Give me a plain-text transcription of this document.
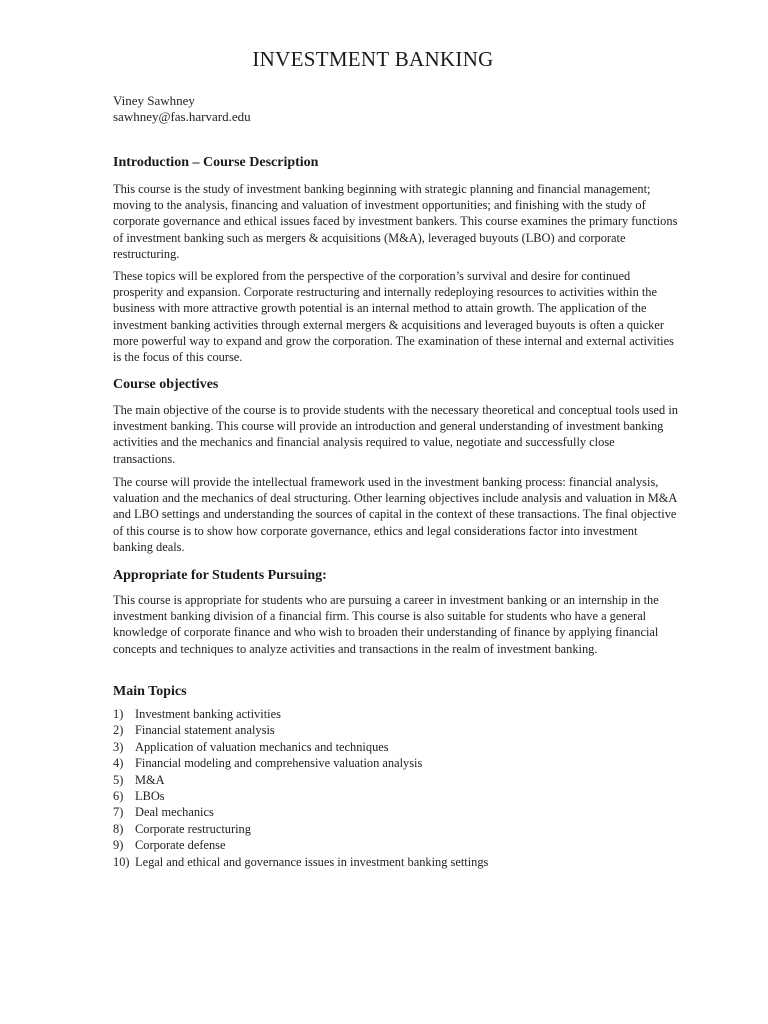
INVESTMENT BANKING
Viney Sawhney
sawhney@fas.harvard.edu
Introduction – Course Description

This course is the study of investment banking beginning with strategic planning and financial management; moving to the analysis, financing and valuation of investment opportunities; and finishing with the study of corporate governance and ethical issues faced by investment bankers. This course examines the primary functions of investment banking such as mergers & acquisitions (M&A), leveraged buyouts (LBO) and corporate restructuring.

These topics will be explored from the perspective of the corporation’s survival and desire for continued prosperity and expansion. Corporate restructuring and internally redeploying resources to activities within the business with more attractive growth potential is an internal method to attain growth. The application of the investment banking activities through external mergers & acquisitions and leveraged buyouts is often a quicker more powerful way to expand and grow the corporation. The examination of these internal and external activities is the focus of this course.

Course objectives

The main objective of the course is to provide students with the necessary theoretical and conceptual tools used in investment banking. This course will provide an introduction and general understanding of investment banking activities and the mechanics and financial analysis required to value, negotiate and successfully close transactions.

The course will provide the intellectual framework used in the investment banking process: financial analysis, valuation and the mechanics of deal structuring. Other learning objectives include analysis and valuation in M&A and LBO settings and understanding the sources of capital in the context of these transactions. The final objective of this course is to show how corporate governance, ethics and legal considerations factor into investment banking deals.

Appropriate for Students Pursuing:

This course is appropriate for students who are pursuing a career in investment banking or an internship in the investment banking division of a financial firm. This course is also suitable for students who have a general knowledge of corporate finance and who wish to broaden their understanding of finance by applying financial concepts and techniques to analyze activities and transactions in the realm of investment banking.

Main Topics
1) Investment banking activities
2) Financial statement analysis
3) Application of valuation mechanics and techniques
4) Financial modeling and comprehensive valuation analysis
5) M&A
6) LBOs
7) Deal mechanics
8) Corporate restructuring
9) Corporate defense
10) Legal and ethical and governance issues in investment banking settings
